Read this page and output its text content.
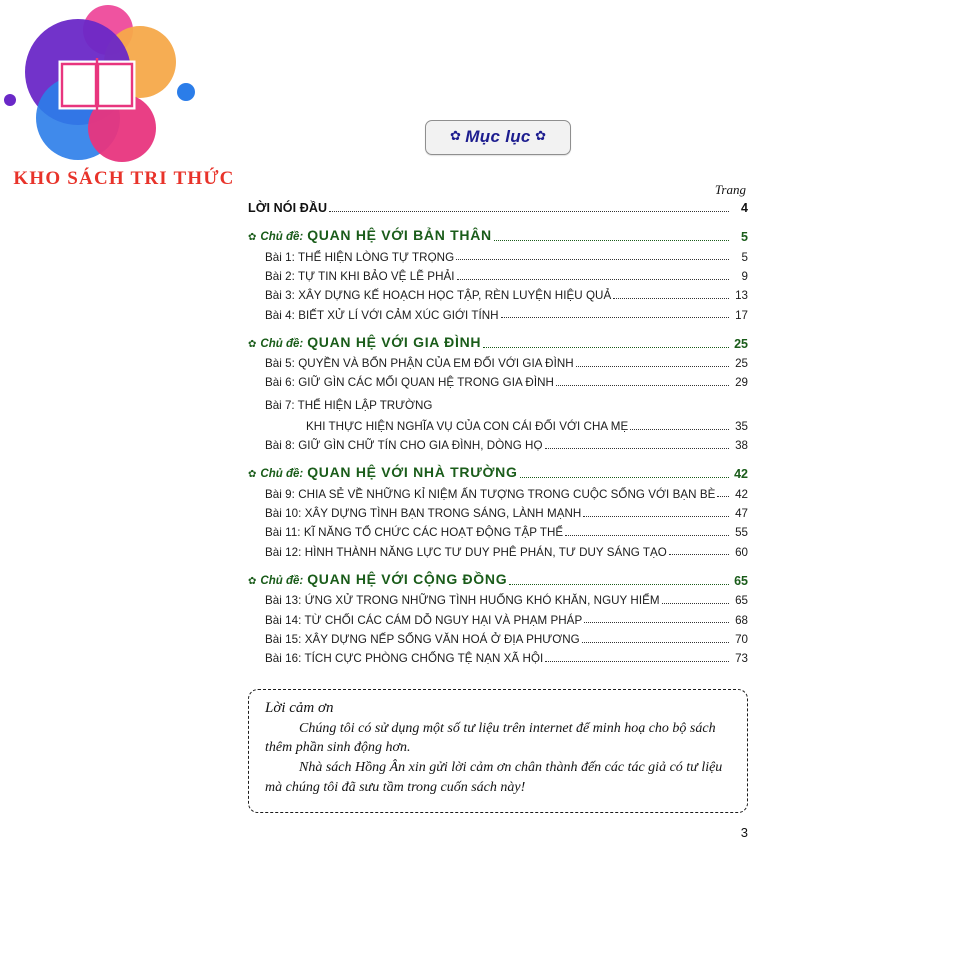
KHO SÁCH TRI THỨC
✿ Mục lục ✿
Trang
LỜI NÓI ĐẦU	4
✿ Chủ đề: QUAN HỆ VỚI BẢN THÂN	5
Bài 1: THỂ HIỆN LÒNG TỰ TRỌNG	5
Bài 2: TỰ TIN KHI BẢO VỆ LẼ PHẢI	9
Bài 3: XÂY DỰNG KẾ HOẠCH HỌC TẬP, RÈN LUYỆN HIỆU QUẢ	13
Bài 4: BIẾT XỬ LÍ VỚI CẢM XÚC GIỚI TÍNH	17
✿ Chủ đề: QUAN HỆ VỚI GIA ĐÌNH	25
Bài 5: QUYỀN VÀ BỔN PHẬN CỦA EM ĐỐI VỚI GIA ĐÌNH	25
Bài 6: GIỮ GÌN CÁC MỐI QUAN HỆ TRONG GIA ĐÌNH	29
Bài 7: THỂ HIỆN LẬP TRƯỜNG
KHI THỰC HIỆN NGHĨA VỤ CỦA CON CÁI ĐỐI VỚI CHA MẸ	35
Bài 8: GIỮ GÌN CHỮ TÍN CHO GIA ĐÌNH, DÒNG HỌ	38
✿ Chủ đề: QUAN HỆ VỚI NHÀ TRƯỜNG	42
Bài 9: CHIA SẺ VỀ NHỮNG KỈ NIỆM ẤN TƯỢNG TRONG CUỘC SỐNG VỚI BẠN BÈ	42
Bài 10: XÂY DỰNG TÌNH BẠN TRONG SÁNG, LÀNH MẠNH	47
Bài 11: KĨ NĂNG TỔ CHỨC CÁC HOẠT ĐỘNG TẬP THỂ	55
Bài 12: HÌNH THÀNH NĂNG LỰC TƯ DUY PHÊ PHÁN, TƯ DUY SÁNG TẠO	60
✿ Chủ đề: QUAN HỆ VỚI CỘNG ĐỒNG	65
Bài 13: ỨNG XỬ TRONG NHỮNG TÌNH HUỐNG KHÓ KHĂN, NGUY HIỂM	65
Bài 14: TỪ CHỐI CÁC CÁM DỖ NGUY HẠI VÀ PHẠM PHÁP	68
Bài 15: XÂY DỰNG NẾP SỐNG VĂN HOÁ Ở ĐỊA PHƯƠNG	70
Bài 16: TÍCH CỰC PHÒNG CHỐNG TỆ NẠN XÃ HỘI	73
Lời cảm ơn

Chúng tôi có sử dụng một số tư liệu trên internet để minh hoạ cho bộ sách thêm phần sinh động hơn.

Nhà sách Hồng Ân xin gửi lời cảm ơn chân thành đến các tác giả có tư liệu mà chúng tôi đã sưu tầm trong cuốn sách này!

3
